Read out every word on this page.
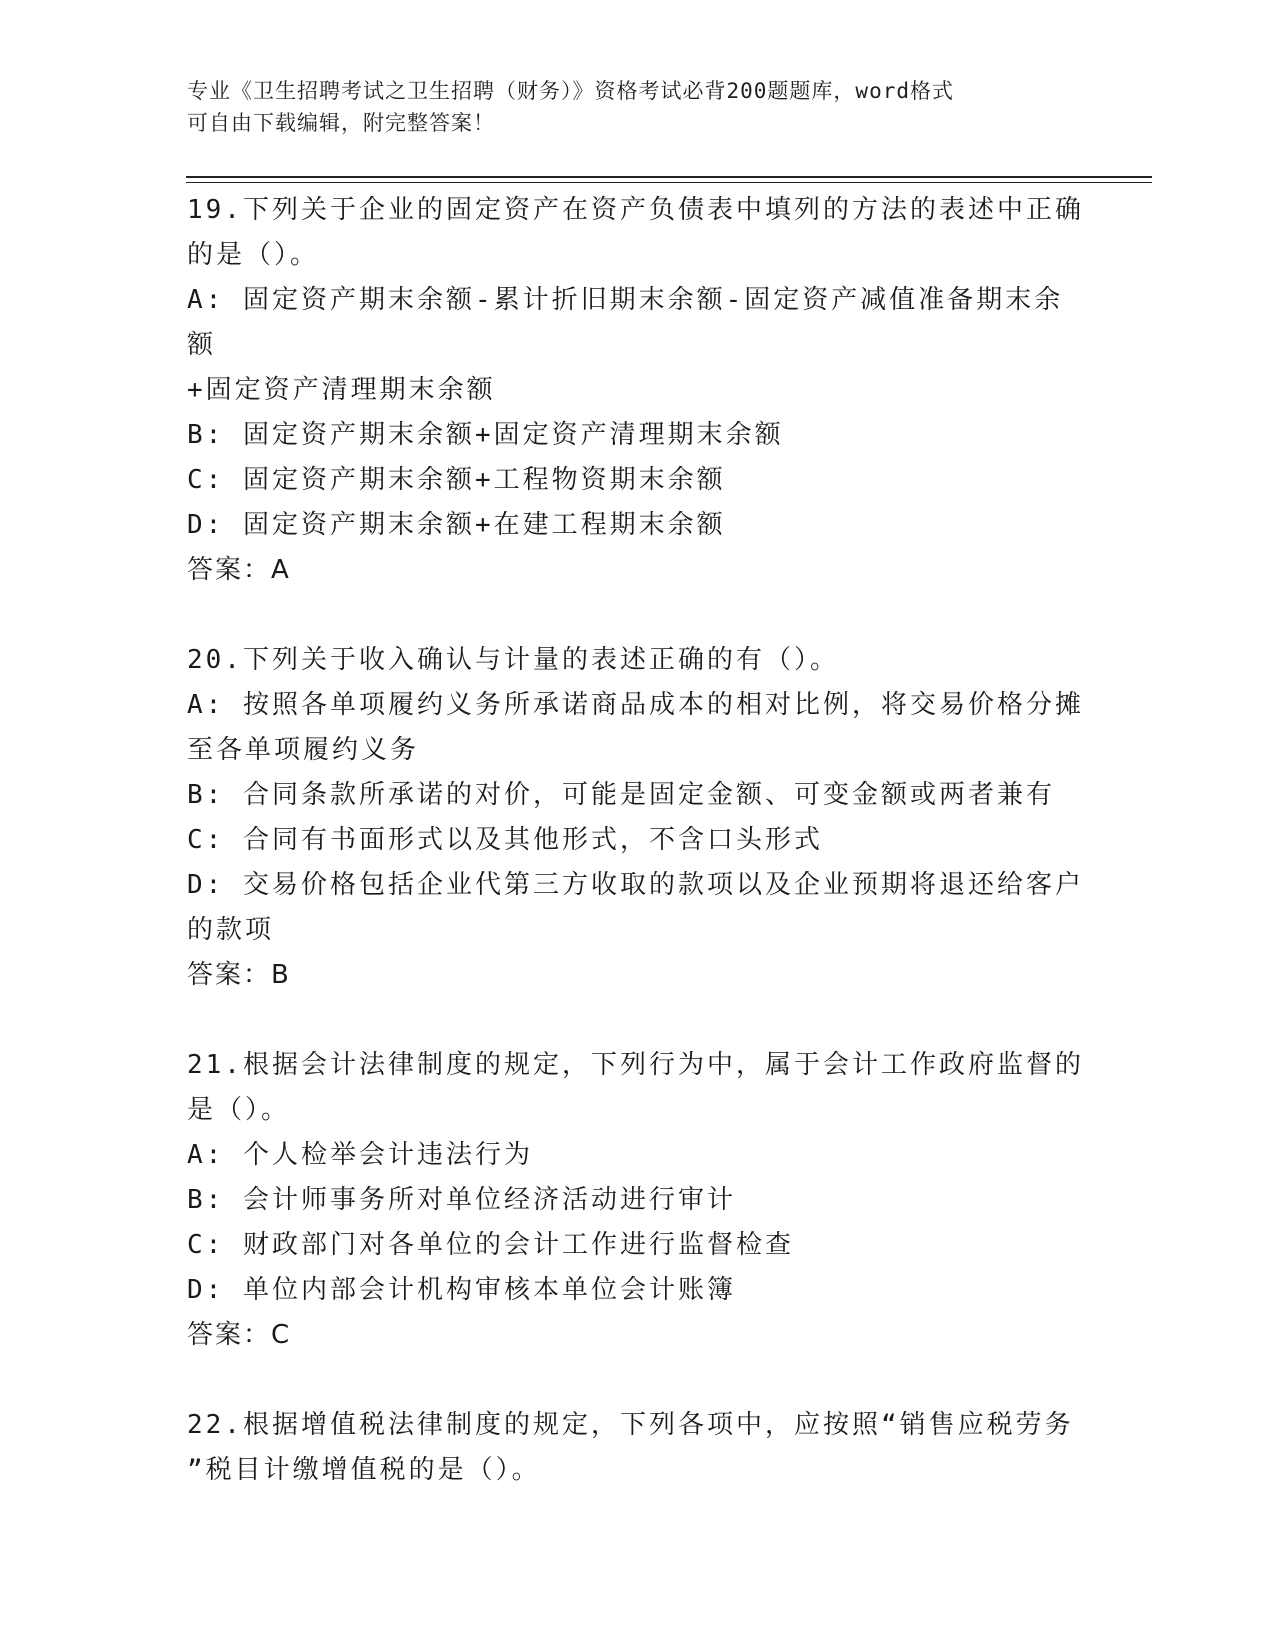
专业《卫生招聘考试之卫生招聘（财务）》资格考试必背200题题库，word格式
可自由下载编辑，附完整答案！
19.下列关于企业的固定资产在资产负债表中填列的方法的表述中正确
的是（）。
A: 固定资产期末余额-累计折旧期末余额-固定资产减值准备期末余额
+固定资产清理期末余额
B: 固定资产期末余额+固定资产清理期末余额
C: 固定资产期末余额+工程物资期末余额
D: 固定资产期末余额+在建工程期末余额
答案：A
20.下列关于收入确认与计量的表述正确的有（）。
A: 按照各单项履约义务所承诺商品成本的相对比例，将交易价格分摊
至各单项履约义务
B: 合同条款所承诺的对价，可能是固定金额、可变金额或两者兼有
C: 合同有书面形式以及其他形式，不含口头形式
D: 交易价格包括企业代第三方收取的款项以及企业预期将退还给客户
的款项
答案：B
21.根据会计法律制度的规定，下列行为中，属于会计工作政府监督的
是（）。
A: 个人检举会计违法行为
B: 会计师事务所对单位经济活动进行审计
C: 财政部门对各单位的会计工作进行监督检查
D: 单位内部会计机构审核本单位会计账簿
答案：C
22.根据增值税法律制度的规定，下列各项中，应按照“销售应税劳务
”税目计缴增值税的是（）。
